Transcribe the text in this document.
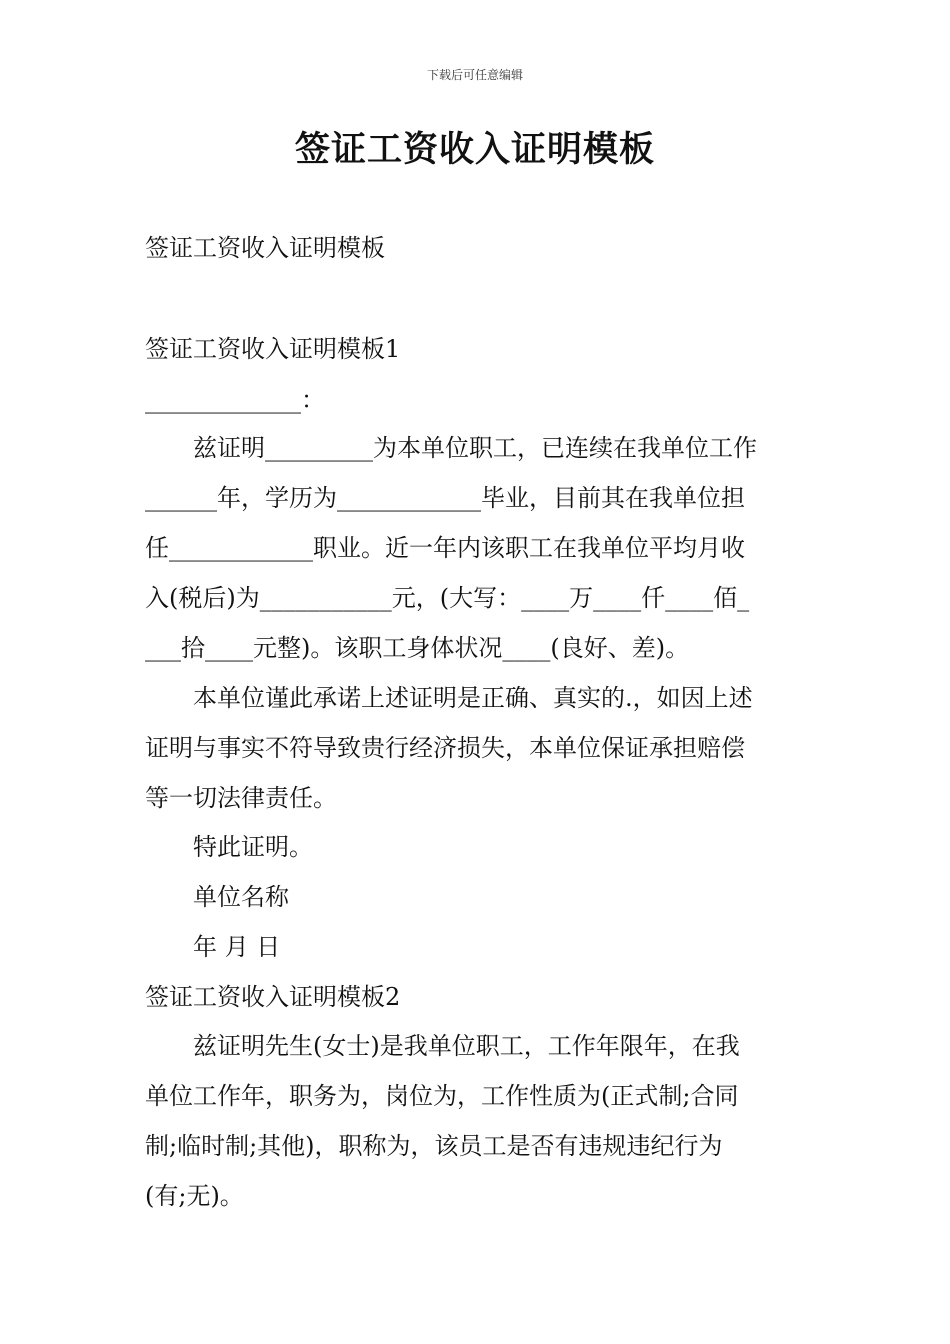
下载后可任意编辑
签证工资收入证明模板
签证工资收入证明模板
签证工资收入证明模板1
_____________：
兹证明_________为本单位职工，已连续在我单位工作
______年，学历为____________毕业，目前其在我单位担
任____________职业。近一年内该职工在我单位平均月收
入(税后)为___________元，(大写：____万____仟____佰_
___拾____元整)。该职工身体状况____(良好、差)。
本单位谨此承诺上述证明是正确、真实的.，如因上述
证明与事实不符导致贵行经济损失，本单位保证承担赔偿
等一切法律责任。
特此证明。
单位名称
年 月 日
签证工资收入证明模板2
兹证明先生(女士)是我单位职工，工作年限年，在我
单位工作年，职务为，岗位为，工作性质为(正式制;合同
制;临时制;其他)，职称为，该员工是否有违规违纪行为
(有;无)。
